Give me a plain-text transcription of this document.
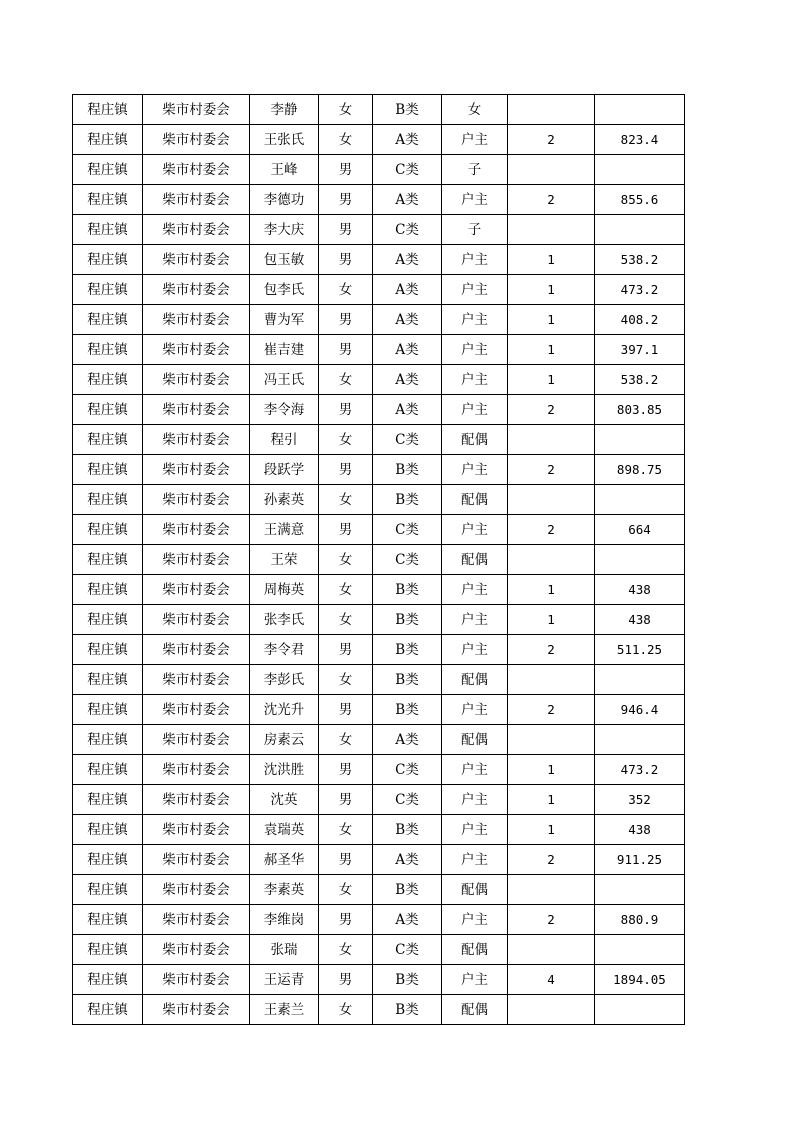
程庄镇	柴市村委会	李静	女	B类	女		
程庄镇	柴市村委会	王张氏	女	A类	户主	2	823.4
程庄镇	柴市村委会	王峰	男	C类	子		
程庄镇	柴市村委会	李德功	男	A类	户主	2	855.6
程庄镇	柴市村委会	李大庆	男	C类	子		
程庄镇	柴市村委会	包玉敏	男	A类	户主	1	538.2
程庄镇	柴市村委会	包李氏	女	A类	户主	1	473.2
程庄镇	柴市村委会	曹为军	男	A类	户主	1	408.2
程庄镇	柴市村委会	崔吉建	男	A类	户主	1	397.1
程庄镇	柴市村委会	冯王氏	女	A类	户主	1	538.2
程庄镇	柴市村委会	李令海	男	A类	户主	2	803.85
程庄镇	柴市村委会	程引	女	C类	配偶		
程庄镇	柴市村委会	段跃学	男	B类	户主	2	898.75
程庄镇	柴市村委会	孙素英	女	B类	配偶		
程庄镇	柴市村委会	王满意	男	C类	户主	2	664
程庄镇	柴市村委会	王荣	女	C类	配偶		
程庄镇	柴市村委会	周梅英	女	B类	户主	1	438
程庄镇	柴市村委会	张李氏	女	B类	户主	1	438
程庄镇	柴市村委会	李令君	男	B类	户主	2	511.25
程庄镇	柴市村委会	李彭氏	女	B类	配偶		
程庄镇	柴市村委会	沈光升	男	B类	户主	2	946.4
程庄镇	柴市村委会	房素云	女	A类	配偶		
程庄镇	柴市村委会	沈洪胜	男	C类	户主	1	473.2
程庄镇	柴市村委会	沈英	男	C类	户主	1	352
程庄镇	柴市村委会	袁瑞英	女	B类	户主	1	438
程庄镇	柴市村委会	郝圣华	男	A类	户主	2	911.25
程庄镇	柴市村委会	李素英	女	B类	配偶		
程庄镇	柴市村委会	李维岗	男	A类	户主	2	880.9
程庄镇	柴市村委会	张瑞	女	C类	配偶		
程庄镇	柴市村委会	王运青	男	B类	户主	4	1894.05
程庄镇	柴市村委会	王素兰	女	B类	配偶		
